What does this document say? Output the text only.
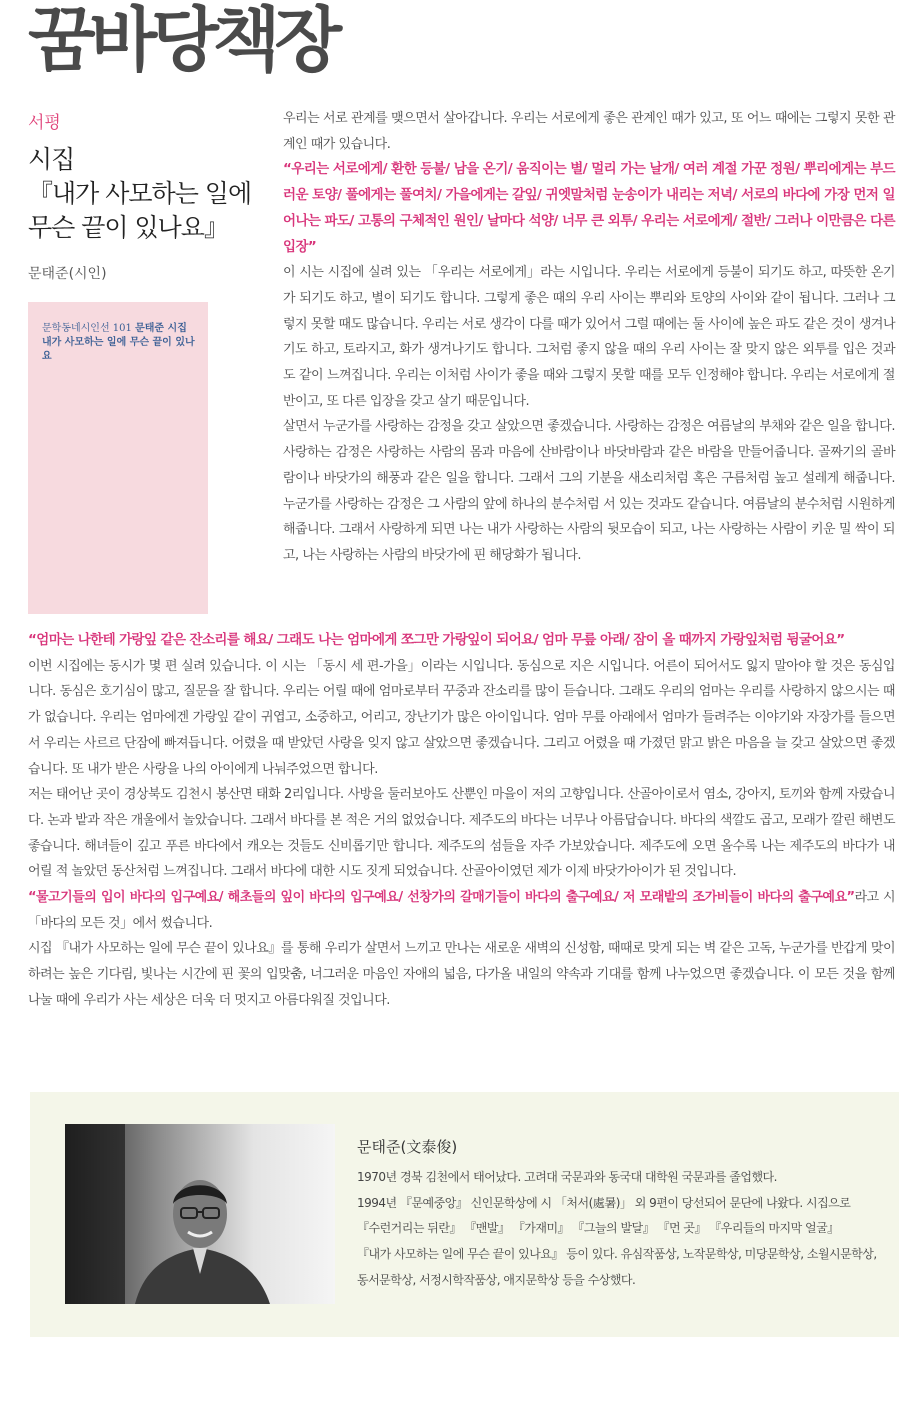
꿈바당책장
서평
시집
『내가 사모하는 일에
무슨 끝이 있나요』
문태준(시인)
문학동네시인선 101 문태준 시집 내가 사모하는 일에 무슨 끝이 있나요

우리는 서로 관계를 맺으면서 살아갑니다. 우리는 서로에게 좋은 관계인 때가 있고, 또 어느 때에는 그렇지 못한 관계인 때가 있습니다.

“우리는 서로에게/ 환한 등불/ 남을 온기/ 움직이는 별/ 멀리 가는 날개/ 여러 계절 가꾼 정원/ 뿌리에게는 부드러운 토양/ 풀에게는 풀여치/ 가을에게는 갈잎/ 귀엣말처럼 눈송이가 내리는 저녁/ 서로의 바다에 가장 먼저 일어나는 파도/ 고통의 구체적인 원인/ 날마다 석양/ 너무 큰 외투/ 우리는 서로에게/ 절반/ 그러나 이만큼은 다른 입장”

이 시는 시집에 실려 있는 「우리는 서로에게」라는 시입니다. 우리는 서로에게 등불이 되기도 하고, 따뜻한 온기가 되기도 하고, 별이 되기도 합니다. 그렇게 좋은 때의 우리 사이는 뿌리와 토양의 사이와 같이 됩니다. 그러나 그렇지 못할 때도 많습니다. 우리는 서로 생각이 다를 때가 있어서 그럴 때에는 둘 사이에 높은 파도 같은 것이 생겨나기도 하고, 토라지고, 화가 생겨나기도 합니다. 그처럼 좋지 않을 때의 우리 사이는 잘 맞지 않은 외투를 입은 것과도 같이 느껴집니다. 우리는 이처럼 사이가 좋을 때와 그렇지 못할 때를 모두 인정해야 합니다. 우리는 서로에게 절반이고, 또 다른 입장을 갖고 살기 때문입니다.

살면서 누군가를 사랑하는 감정을 갖고 살았으면 좋겠습니다. 사랑하는 감정은 여름날의 부채와 같은 일을 합니다. 사랑하는 감정은 사랑하는 사람의 몸과 마음에 산바람이나 바닷바람과 같은 바람을 만들어줍니다. 골짜기의 골바람이나 바닷가의 해풍과 같은 일을 합니다. 그래서 그의 기분을 새소리처럼 혹은 구름처럼 높고 설레게 해줍니다. 누군가를 사랑하는 감정은 그 사람의 앞에 하나의 분수처럼 서 있는 것과도 같습니다. 여름날의 분수처럼 시원하게 해줍니다. 그래서 사랑하게 되면 나는 내가 사랑하는 사람의 뒷모습이 되고, 나는 사랑하는 사람이 키운 밀 싹이 되고, 나는 사랑하는 사람의 바닷가에 핀 해당화가 됩니다.

“엄마는 나한테 가랑잎 같은 잔소리를 해요/ 그래도 나는 엄마에게 쪼그만 가랑잎이 되어요/ 엄마 무릎 아래/ 잠이 올 때까지 가랑잎처럼 뒹굴어요”

이번 시집에는 동시가 몇 편 실려 있습니다. 이 시는 「동시 세 편-가을」이라는 시입니다. 동심으로 지은 시입니다. 어른이 되어서도 잃지 말아야 할 것은 동심입니다. 동심은 호기심이 많고, 질문을 잘 합니다. 우리는 어릴 때에 엄마로부터 꾸중과 잔소리를 많이 듣습니다. 그래도 우리의 엄마는 우리를 사랑하지 않으시는 때가 없습니다. 우리는 엄마에겐 가랑잎 같이 귀엽고, 소중하고, 어리고, 장난기가 많은 아이입니다. 엄마 무릎 아래에서 엄마가 들려주는 이야기와 자장가를 들으면서 우리는 사르르 단잠에 빠져듭니다. 어렸을 때 받았던 사랑을 잊지 않고 살았으면 좋겠습니다. 그리고 어렸을 때 가졌던 맑고 밝은 마음을 늘 갖고 살았으면 좋겠습니다. 또 내가 받은 사랑을 나의 아이에게 나눠주었으면 합니다.

저는 태어난 곳이 경상북도 김천시 봉산면 태화 2리입니다. 사방을 둘러보아도 산뿐인 마을이 저의 고향입니다. 산골아이로서 염소, 강아지, 토끼와 함께 자랐습니다. 논과 밭과 작은 개울에서 놀았습니다. 그래서 바다를 본 적은 거의 없었습니다. 제주도의 바다는 너무나 아름답습니다. 바다의 색깔도 곱고, 모래가 깔린 해변도 좋습니다. 해녀들이 깊고 푸른 바다에서 캐오는 것들도 신비롭기만 합니다. 제주도의 섬들을 자주 가보았습니다. 제주도에 오면 올수록 나는 제주도의 바다가 내 어릴 적 놀았던 동산처럼 느껴집니다. 그래서 바다에 대한 시도 짓게 되었습니다. 산골아이였던 제가 이제 바닷가아이가 된 것입니다.

“물고기들의 입이 바다의 입구예요/ 해초들의 잎이 바다의 입구예요/ 선창가의 갈매기들이 바다의 출구예요/ 저 모래밭의 조가비들이 바다의 출구예요”라고 시 「바다의 모든 것」에서 썼습니다.

시집 『내가 사모하는 일에 무슨 끝이 있나요』를 통해 우리가 살면서 느끼고 만나는 새로운 새벽의 신성함, 때때로 맞게 되는 벽 같은 고독, 누군가를 반갑게 맞이하려는 높은 기다림, 빛나는 시간에 핀 꽃의 입맞춤, 너그러운 마음인 자애의 넓음, 다가올 내일의 약속과 기대를 함께 나누었으면 좋겠습니다. 이 모든 것을 함께 나눌 때에 우리가 사는 세상은 더욱 더 멋지고 아름다워질 것입니다.

문태준(文泰俊)
1970년 경북 김천에서 태어났다. 고려대 국문과와 동국대 대학원 국문과를 졸업했다.
1994년 『문예중앙』 신인문학상에 시 「처서(處暑)」 외 9편이 당선되어 문단에 나왔다. 시집으로
『수런거리는 뒤란』 『맨발』 『가재미』 『그늘의 발달』 『먼 곳』 『우리들의 마지막 얼굴』
『내가 사모하는 일에 무슨 끝이 있나요』 등이 있다. 유심작품상, 노작문학상, 미당문학상, 소월시문학상,
동서문학상, 서정시학작품상, 애지문학상 등을 수상했다.
